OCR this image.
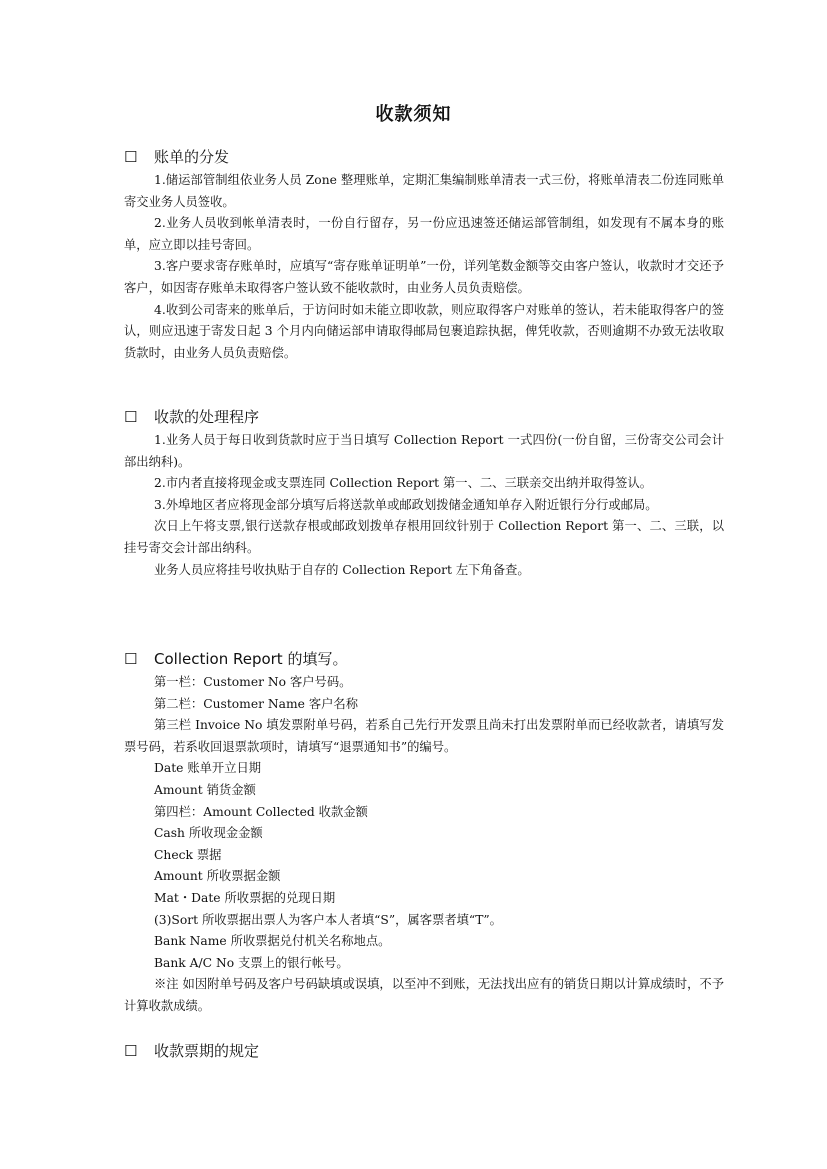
收款须知
☐ 账单的分发

1.储运部管制组依业务人员 Zone 整理账单，定期汇集编制账单清表一式三份，将账单清表二份连同账单寄交业务人员签收。

2.业务人员收到帐单清表时，一份自行留存，另一份应迅速签还储运部管制组，如发现有不属本身的账单，应立即以挂号寄回。

3.客户要求寄存账单时，应填写“寄存账单证明单”一份，详列笔数金额等交由客户签认，收款时才交还予客户，如因寄存账单未取得客户签认致不能收款时，由业务人员负责赔偿。

4.收到公司寄来的账单后，于访问时如未能立即收款，则应取得客户对账单的签认，若未能取得客户的签认，则应迅速于寄发日起 3 个月内向储运部申请取得邮局包裹追踪执据，俾凭收款，否则逾期不办致无法收取货款时，由业务人员负责赔偿。

☐ 收款的处理程序

1.业务人员于每日收到货款时应于当日填写 Collection Report 一式四份(一份自留，三份寄交公司会计部出纳科)。

2.市内者直接将现金或支票连同 Collection Report 第一、二、三联亲交出纳并取得签认。

3.外埠地区者应将现金部分填写后将送款单或邮政划拨储金通知单存入附近银行分行或邮局。

次日上午将支票,银行送款存根或邮政划拨单存根用回纹针别于 Collection Report 第一、二、三联，以挂号寄交会计部出纳科。

业务人员应将挂号收执贴于自存的 Collection Report 左下角备查。

☐ Collection Report 的填写。

第一栏：Customer No 客户号码。

第二栏：Customer Name 客户名称

第三栏 Invoice No 填发票附单号码，若系自己先行开发票且尚未打出发票附单而已经收款者，请填写发票号码，若系收回退票款项时，请填写“退票通知书”的编号。

Date 账单开立日期

Amount 销货金额

第四栏：Amount Collected 收款金额

Cash 所收现金金额

Check 票据

Amount 所收票据金额

Mat・Date 所收票据的兑现日期

(3)Sort 所收票据出票人为客户本人者填“S”，属客票者填“T”。

Bank Name 所收票据兑付机关名称地点。

Bank A/C No 支票上的银行帐号。

※注 如因附单号码及客户号码缺填或误填，以至冲不到账，无法找出应有的销货日期以计算成绩时，不予计算收款成绩。

☐ 收款票期的规定
